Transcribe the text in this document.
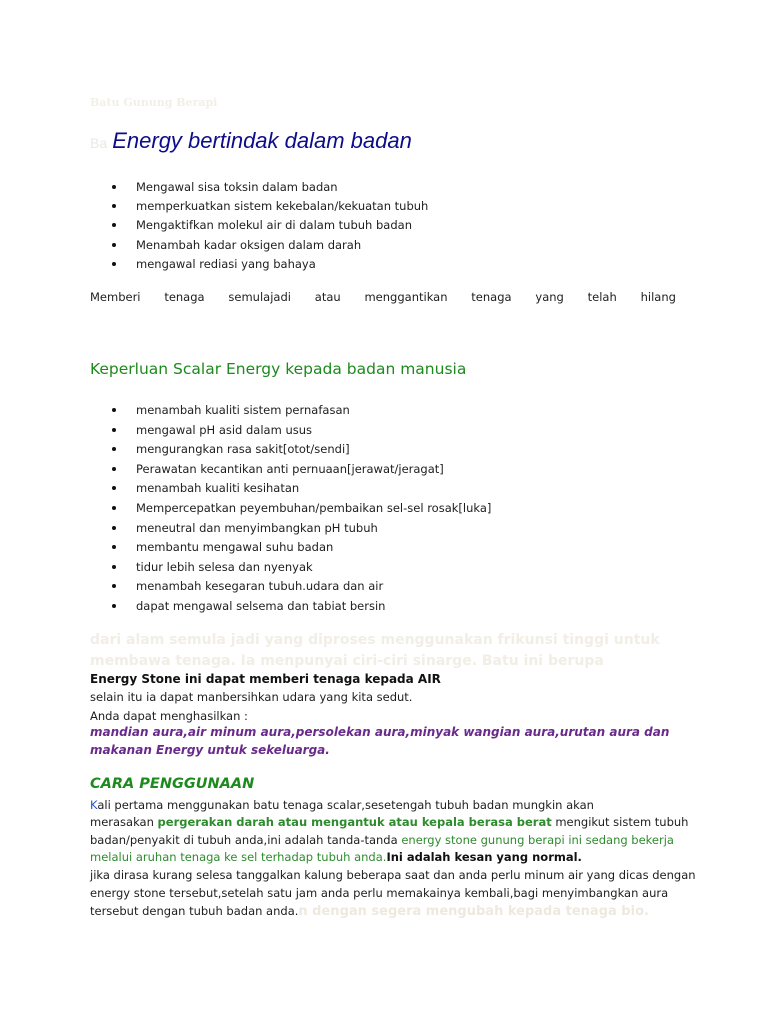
Batu Gunung Berapi
Ba Energy bertindak dalam badan
Mengawal sisa toksin dalam badan
memperkuatkan sistem kekebalan/kekuatan tubuh
Mengaktifkan molekul air di dalam tubuh badan
Menambah kadar oksigen dalam darah
mengawal rediasi yang bahaya
Memberi tenaga semulajadi atau menggantikan tenaga yang telah hilang
Keperluan Scalar Energy kepada badan manusia
menambah kualiti sistem pernafasan
mengawal pH asid dalam usus
mengurangkan rasa sakit[otot/sendi]
Perawatan kecantikan anti pernuaan[jerawat/jeragat]
menambah kualiti kesihatan
Mempercepatkan peyembuhan/pembaikan sel-sel rosak[luka]
meneutral dan menyimbangkan pH tubuh
membantu mengawal suhu badan
tidur lebih selesa dan nyenyak
menambah kesegaran tubuh.udara dan air
dapat mengawal selsema dan tabiat bersin
dari alam semula jadi yang diproses menggunakan frikunsi tinggi untuk membawa tenaga. Ia menpunyai ciri-ciri sinarge. Batu ini berupa
Energy Stone ini dapat memberi tenaga kepada AIR
selain itu ia dapat manbersihkan udara yang kita sedut.
Anda dapat menghasilkan :
mandian aura,air minum aura,persolekan aura,minyak wangian aura,urutan aura dan
makanan Energy untuk sekeluarga.
CARA PENGGUNAAN
Kali pertama menggunakan batu tenaga scalar,sesetengah tubuh badan mungkin akan
merasakan pergerakan darah atau mengantuk atau kepala berasa berat mengikut sistem tubuh
badan/penyakit di tubuh anda,ini adalah tanda-tanda energy stone gunung berapi ini sedang bekerja
melalui aruhan tenaga ke sel terhadap tubuh anda.Ini adalah kesan yang normal.
jika dirasa kurang selesa tanggalkan kalung beberapa saat dan anda perlu minum air yang dicas dengan
energy stone tersebut,setelah satu jam anda perlu memakainya kembali,bagi menyimbangkan aura
tersebut dengan tubuh badan anda.n dengan segera mengubah kepada tenaga bio.
